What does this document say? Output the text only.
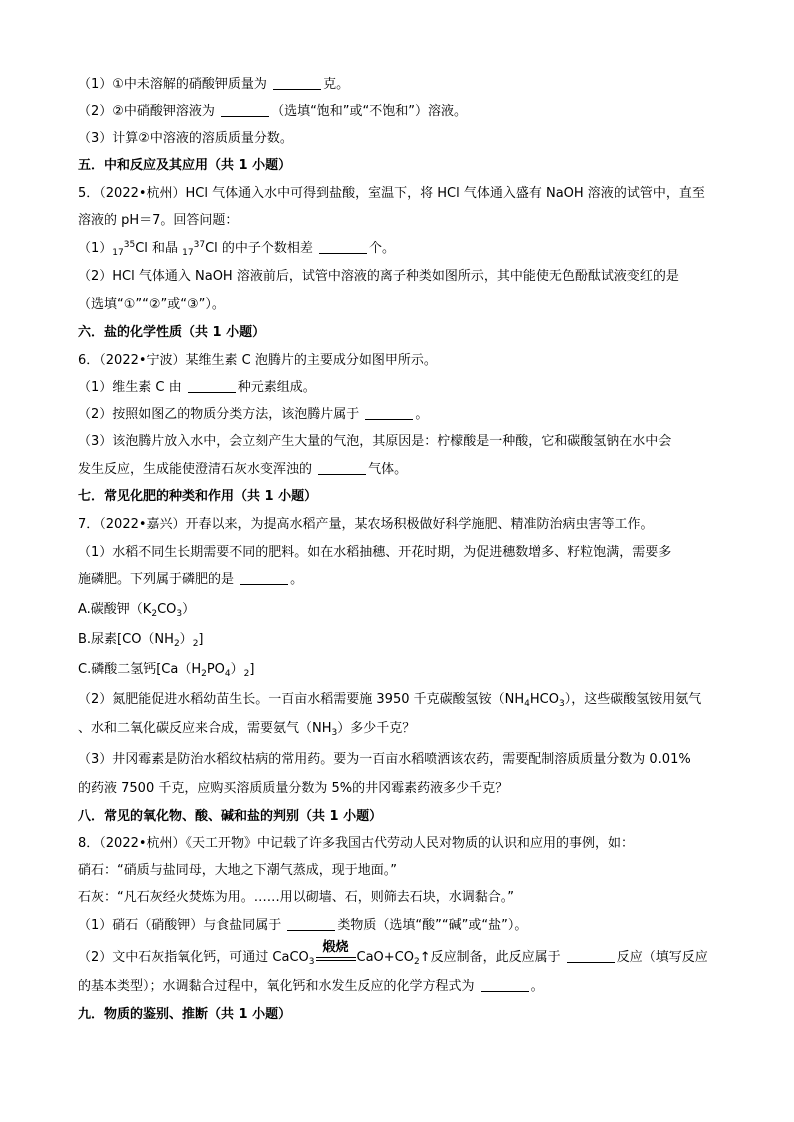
（1）①中未溶解的硝酸钾质量为	克。
（2）②中硝酸钾溶液为	（选填“饱和”或“不饱和”）溶液。
（3）计算②中溶液的溶质质量分数。
五．中和反应及其应用（共 1 小题）
5．（2022•杭州）HCl 气体通入水中可得到盐酸，室温下，将 HCl 气体通入盛有 NaOH 溶液的试管中，直至
溶液的 pH＝7。回答问题：
$(1)_{17}^{35}Cl$ 和晶 $_{17}^{37}$Cl 的中子个数相差	个。
（2）HCl 气体通入 NaOH 溶液前后，试管中溶液的离子种类如图所示，其中能使无色酚酞试液变红的是
（选填“①”“②”或“③”）。
六．盐的化学性质（共 1 小题）
6．（2022•宁波）某维生素 C 泡腾片的主要成分如图甲所示。
（1）维生素 C 由	种元素组成。
（2）按照如图乙的物质分类方法，该泡腾片属于	。
（3）该泡腾片放入水中，会立刻产生大量的气泡，其原因是：柠檬酸是一种酸，它和碳酸氢钠在水中会
发生反应，生成能使澄清石灰水变浑浊的	气体。
七．常见化肥的种类和作用（共 1 小题）
7．（2022•嘉兴）开春以来，为提高水稻产量，某农场积极做好科学施肥、精准防治病虫害等工作。
（1）水稻不同生长期需要不同的肥料。如在水稻抽穗、开花时期，为促进穗数增多、籽粒饱满，需要多
施磷肥。下列属于磷肥的是	。
A.碳酸钾$(K_2CO_3)$
B.尿素$[CO(NH_2)_2]$
C.磷酸二氢钙$[Ca(H_2PO_4)_2]$
（2）氮肥能促进水稻幼苗生长。一百亩水稻需要施 3950 千克碳酸氢铵$(NH_4HCO_3)$，这些碳酸氢铵用氨气
、水和二氧化碳反应来合成，需要氨气$(NH_3)$多少千克？
（3）井冈霉素是防治水稻纹枯病的常用药。要为一百亩水稻喷洒该农药，需要配制溶质质量分数为 0.01%
的药液 7500 千克，应购买溶质质量分数为 5%的井冈霉素药液多少千克？
八．常见的氧化物、酸、碱和盐的判别（共 1 小题）
8．（2022•杭州）《天工开物》中记载了许多我国古代劳动人民对物质的认识和应用的事例，如：
硝石：“硝质与盐同母，大地之下潮气蒸成，现于地面。”
石灰：“凡石灰经火焚炼为用。……用以砌墙、石，则筛去石块，水调黏合。”
（1）硝石（硝酸钾）与食盐同属于	类物质（选填“酸”“碱”或“盐”）。
（2）文中石灰指氧化钙，可通过 CaCO$_3$
煅烧
$CaO+CO_2↑$反应制备，此反应属于	反应（填写反应
的基本类型）；水调黏合过程中，氧化钙和水发生反应的化学方程式为	。
九．物质的鉴别、推断（共 1 小题）
